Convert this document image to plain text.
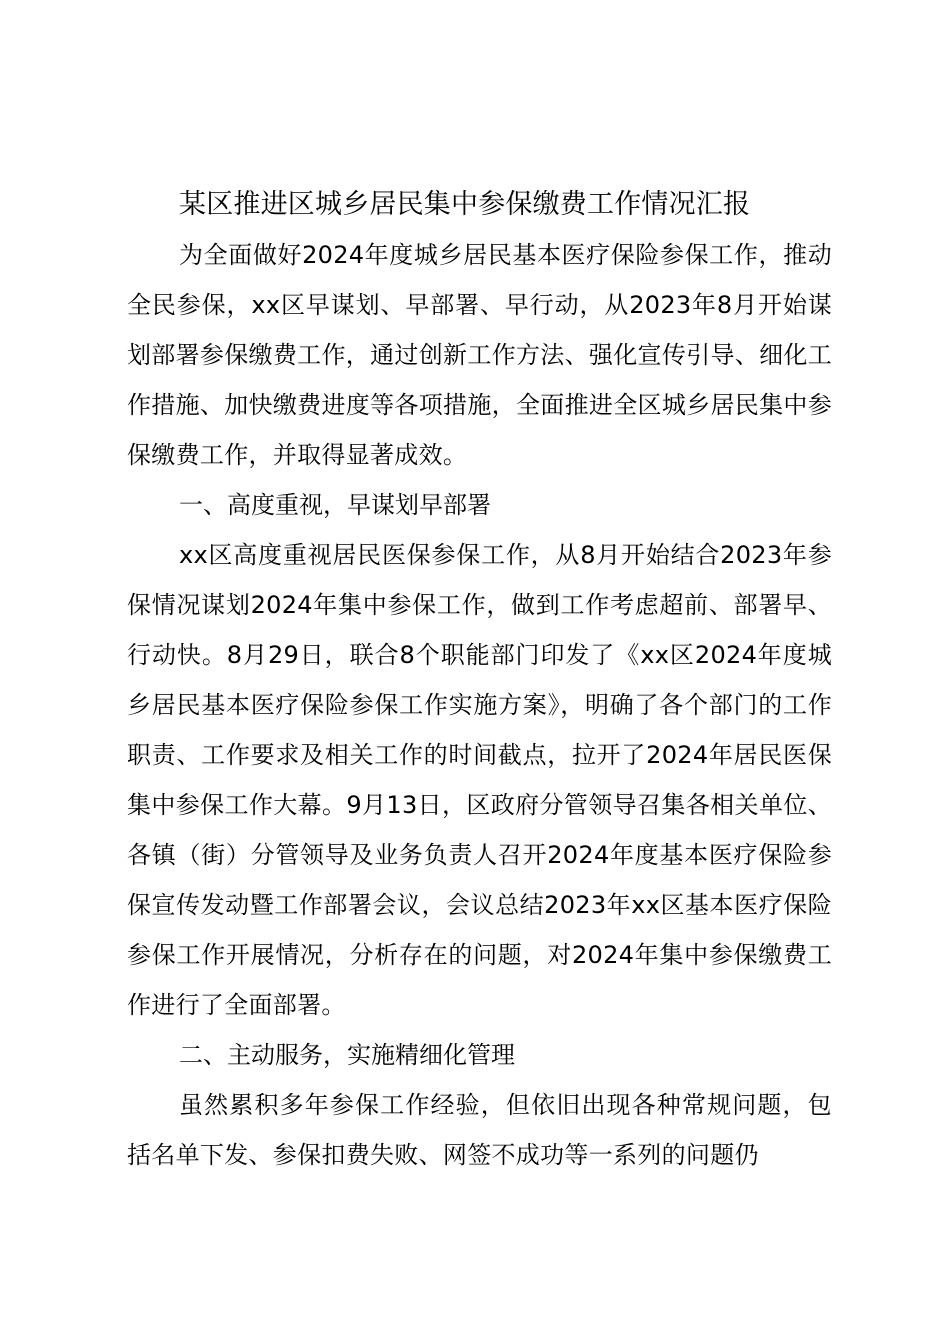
某区推进区城乡居民集中参保缴费工作情况汇报

为全面做好2024年度城乡居民基本医疗保险参保工作，推动全民参保，xx区早谋划、早部署、早行动，从2023年8月开始谋划部署参保缴费工作，通过创新工作方法、强化宣传引导、细化工作措施、加快缴费进度等各项措施，全面推进全区城乡居民集中参保缴费工作，并取得显著成效。

一、高度重视，早谋划早部署

xx区高度重视居民医保参保工作，从8月开始结合2023年参保情况谋划2024年集中参保工作，做到工作考虑超前、部署早、行动快。8月29日，联合8个职能部门印发了《xx区2024年度城乡居民基本医疗保险参保工作实施方案》，明确了各个部门的工作职责、工作要求及相关工作的时间截点，拉开了2024年居民医保集中参保工作大幕。9月13日，区政府分管领导召集各相关单位、各镇（街）分管领导及业务负责人召开2024年度基本医疗保险参保宣传发动暨工作部署会议，会议总结2023年xx区基本医疗保险参保工作开展情况，分析存在的问题，对2024年集中参保缴费工作进行了全面部署。

二、主动服务，实施精细化管理

虽然累积多年参保工作经验，但依旧出现各种常规问题，包括名单下发、参保扣费失败、网签不成功等一系列的问题仍
